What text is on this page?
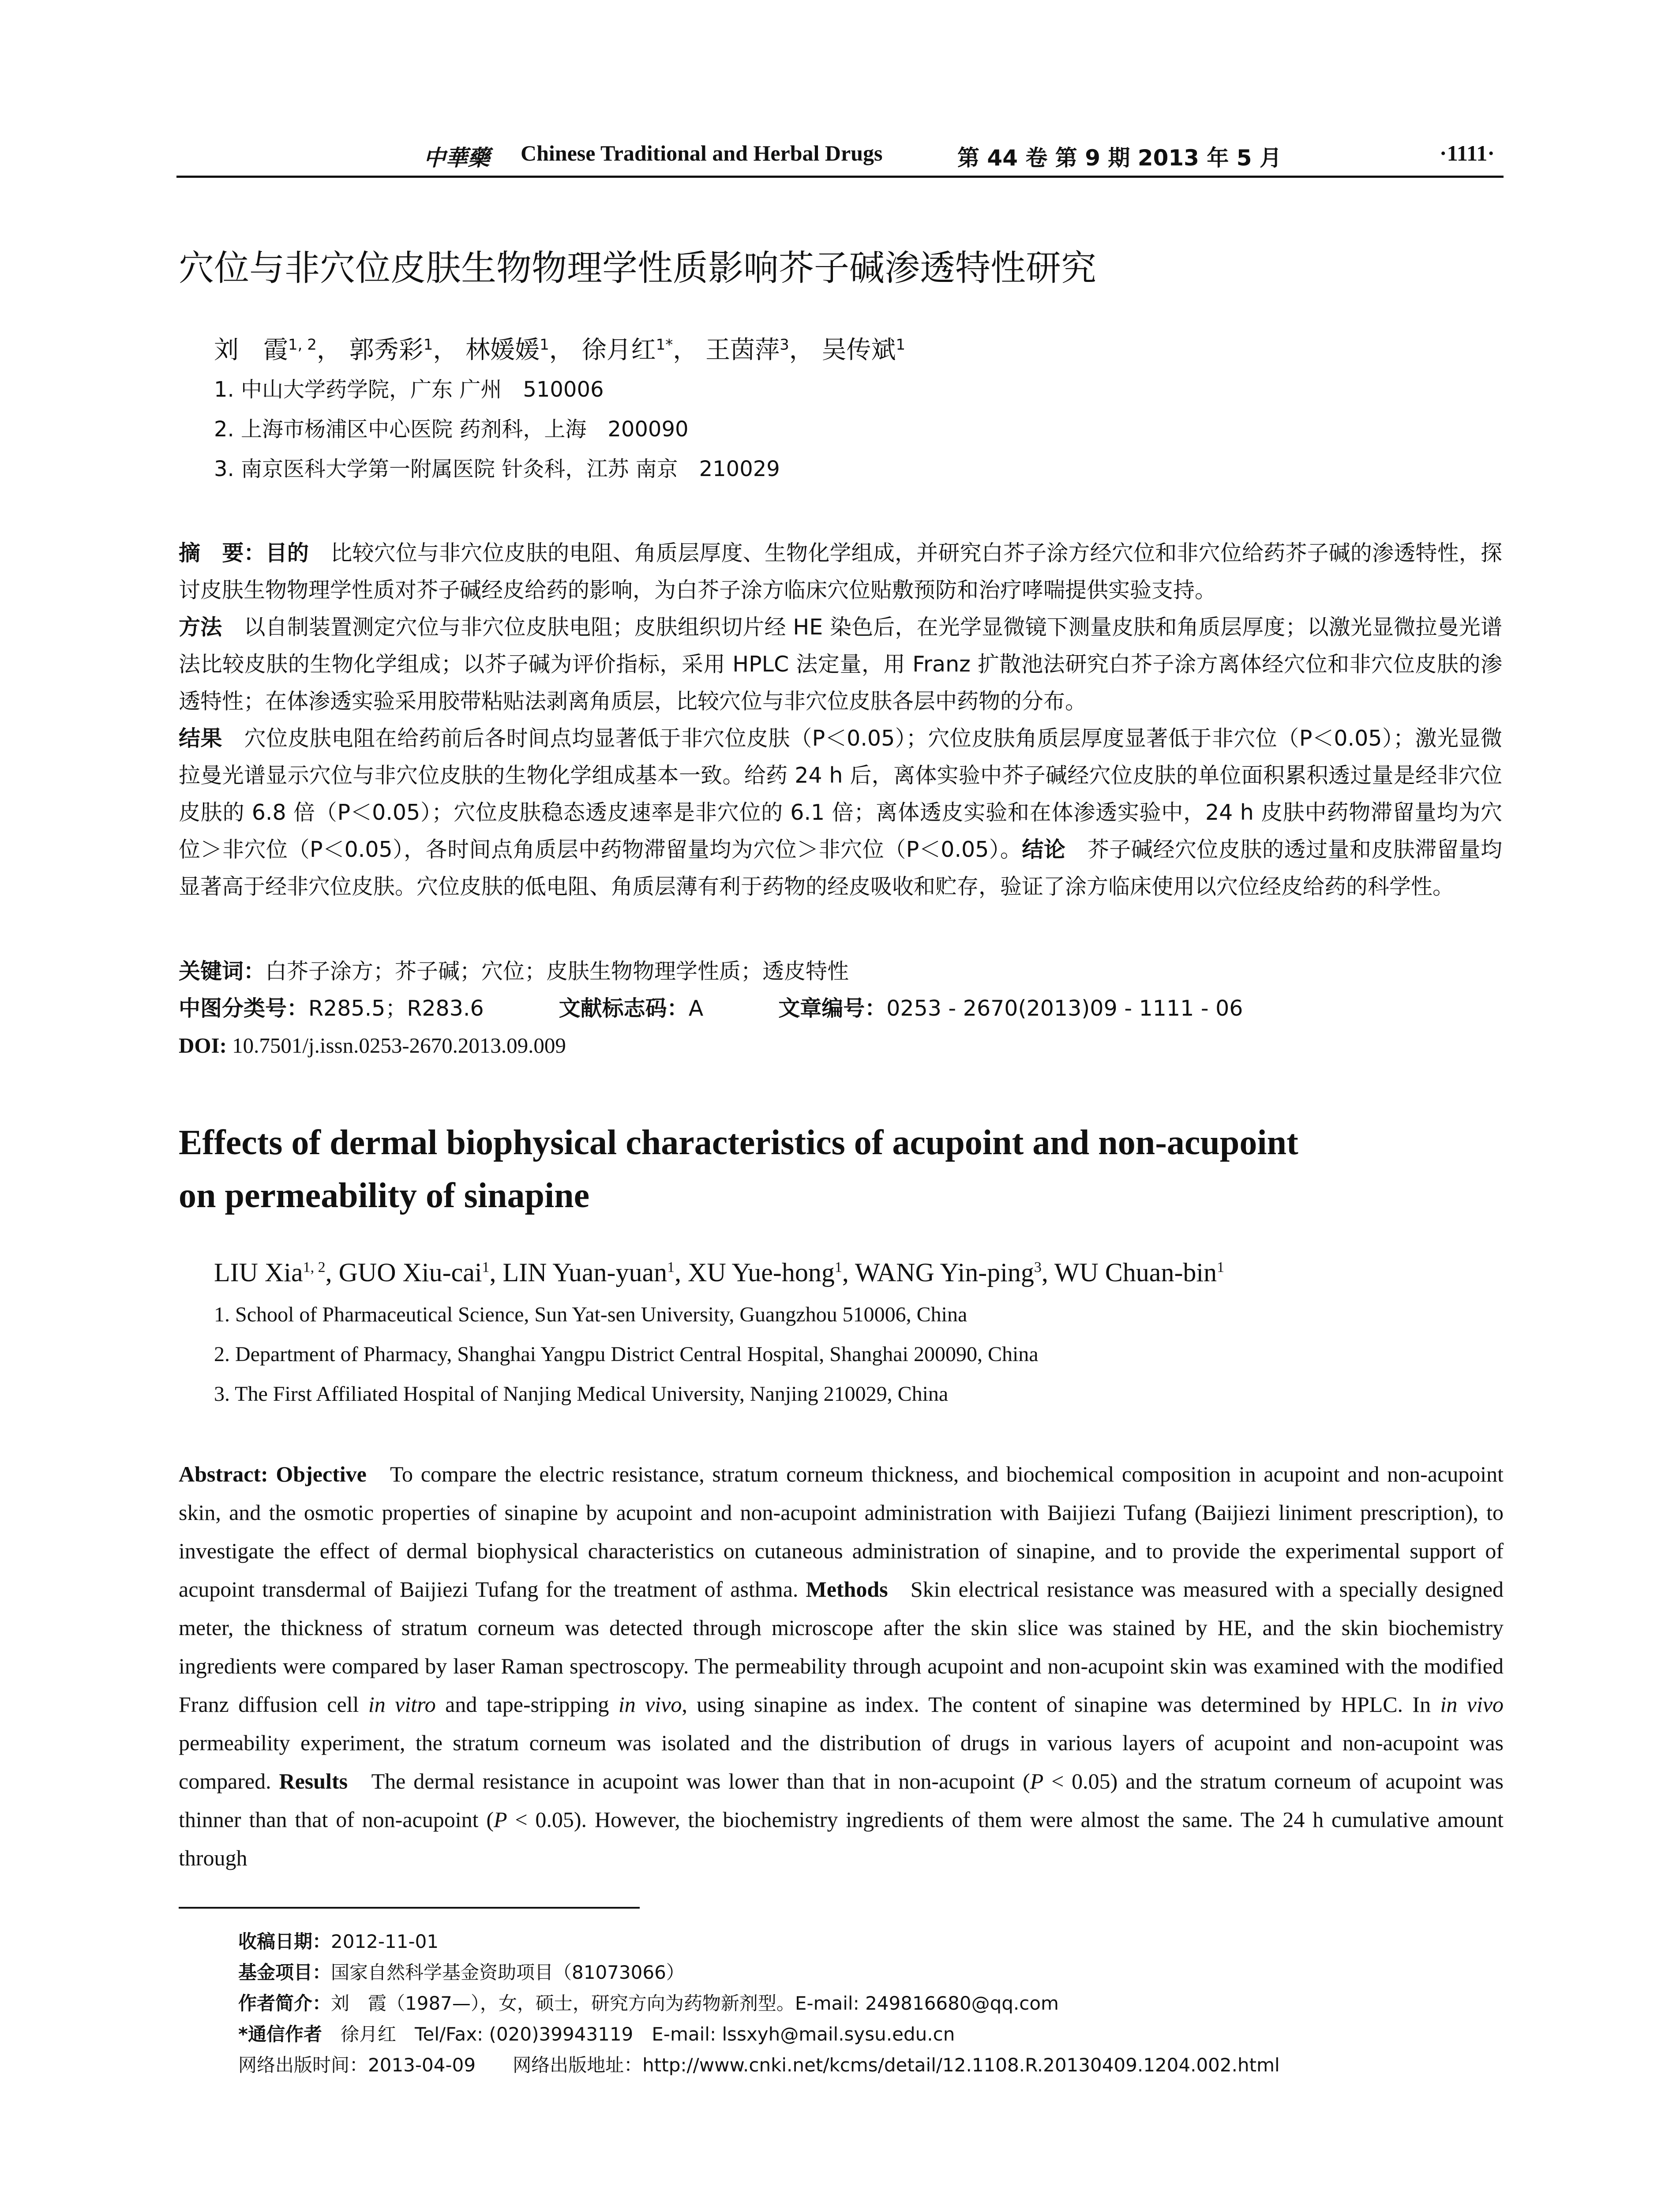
中華藥 Chinese Traditional and Herbal Drugs	第 44 卷 第 9 期 2013 年 5 月	·1111·
穴位与非穴位皮肤生物物理学性质影响芥子碱渗透特性研究
刘　霞$^{1, 2}$， 郭秀彩$^1$， 林媛媛$^1$， 徐月红$^{1*}$， 王茵萍$^3$， 吴传斌$^1$
1. 中山大学药学院，广东 广州　510006
2. 上海市杨浦区中心医院 药剂科，上海　200090
3. 南京医科大学第一附属医院 针灸科，江苏 南京　210029

摘　要：目的　 比较穴位与非穴位皮肤的电阻、角质层厚度、生物化学组成，并研究白芥子涂方经穴位和非穴位给药芥子碱的渗透特性，探讨皮肤生物物理学性质对芥子碱经皮给药的影响，为白芥子涂方临床穴位贴敷预防和治疗哮喘提供实验支持。

方法　 以自制装置测定穴位与非穴位皮肤电阻；皮肤组织切片经 HE 染色后，在光学显微镜下测量皮肤和角质层厚度；以激光显微拉曼光谱法比较皮肤的生物化学组成；以芥子碱为评价指标，采用 HPLC 法定量，用 Franz 扩散池法研究白芥子涂方离体经穴位和非穴位皮肤的渗透特性；在体渗透实验采用胶带粘贴法剥离角质层，比较穴位与非穴位皮肤各层中药物的分布。

结果　 穴位皮肤电阻在给药前后各时间点均显著低于非穴位皮肤（P＜0.05）；穴位皮肤角质层厚度显著低于非穴位（P＜0.05）；激光显微拉曼光谱显示穴位与非穴位皮肤的生物化学组成基本一致。给药 24 h 后，离体实验中芥子碱经穴位皮肤的单位面积累积透过量是经非穴位皮肤的 6.8 倍（P＜0.05）；穴位皮肤稳态透皮速率是非穴位的 6.1 倍；离体透皮实验和在体渗透实验中，24 h 皮肤中药物滞留量均为穴位＞非穴位（P＜0.05），各时间点角质层中药物滞留量均为穴位＞非穴位（P＜0.05）。结论　 芥子碱经穴位皮肤的透过量和皮肤滞留量均显著高于经非穴位皮肤。穴位皮肤的低电阻、角质层薄有利于药物的经皮吸收和贮存，验证了涂方临床使用以穴位经皮给药的科学性。

关键词：白芥子涂方；芥子碱；穴位；皮肤生物物理学性质；透皮特性
中图分类号：R285.5；R283.6	文献标志码：A	文章编号：0253 - 2670(2013)09 - 1111 - 06
DOI: 10.7501/j.issn.0253-2670.2013.09.009
Effects of dermal biophysical characteristics of acupoint and non-acupoint
on permeability of sinapine
LIU Xia$^{1, 2}$, GUO Xiu-cai$^1$, LIN Yuan-yuan$^1$, XU Yue-hong$^1$, WANG Yin-ping$^3$, WU Chuan-bin$^1$
1. School of Pharmaceutical Science, Sun Yat-sen University, Guangzhou 510006, China
2. Department of Pharmacy, Shanghai Yangpu District Central Hospital, Shanghai 200090, China
3. The First Affiliated Hospital of Nanjing Medical University, Nanjing 210029, China

Abstract: Objective To compare the electric resistance, stratum corneum thickness, and biochemical composition in acupoint and non-acupoint skin, and the osmotic properties of sinapine by acupoint and non-acupoint administration with Baijiezi Tufang (Baijiezi liniment prescription), to investigate the effect of dermal biophysical characteristics on cutaneous administration of sinapine, and to provide the experimental support of acupoint transdermal of Baijiezi Tufang for the treatment of asthma. Methods Skin electrical resistance was measured with a specially designed meter, the thickness of stratum corneum was detected through microscope after the skin slice was stained by HE, and the skin biochemistry ingredients were compared by laser Raman spectroscopy. The permeability through acupoint and non-acupoint skin was examined with the modified Franz diffusion cell in vitro and tape-stripping in vivo, using sinapine as index. The content of sinapine was determined by HPLC. In in vivo permeability experiment, the stratum corneum was isolated and the distribution of drugs in various layers of acupoint and non-acupoint was compared. Results The dermal resistance in acupoint was lower than that in non-acupoint (P < 0.05) and the stratum corneum of acupoint was thinner than that of non-acupoint (P < 0.05). However, the biochemistry ingredients of them were almost the same. The 24 h cumulative amount through

收稿日期：2012-11-01
基金项目：国家自然科学基金资助项目（81073066）
作者简介：刘　霞（1987—），女，硕士，研究方向为药物新剂型。E-mail: 249816680@qq.com
*通信作者　 徐月红　Tel/Fax: (020)39943119　E-mail: lssxyh@mail.sysu.edu.cn
网络出版时间：2013-04-09　　 网络出版地址：http://www.cnki.net/kcms/detail/12.1108.R.20130409.1204.002.html
